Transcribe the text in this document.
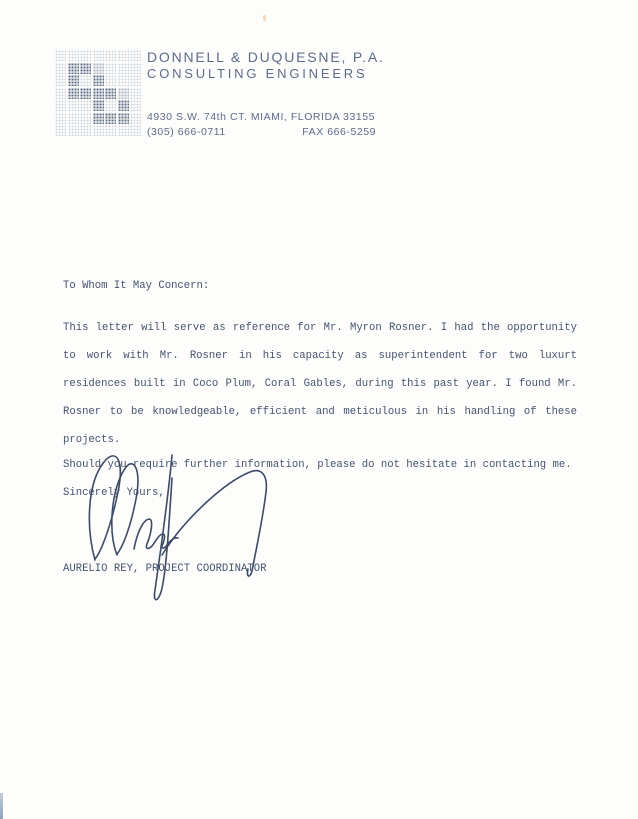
DONNELL & DUQUESNE, P.A.
CONSULTING ENGINEERS
4930 S.W. 74th CT. MIAMI, FLORIDA 33155
(305) 666-0711	FAX 666-5259
To Whom It May Concern:
This letter will serve as reference for Mr. Myron Rosner. I had the opportunity
to work with Mr. Rosner in his capacity as superintendent for two luxurt
residences built in Coco Plum, Coral Gables, during this past year. I found Mr.
Rosner to be knowledgeable, efficient and meticulous in his handling of these
projects.
Should you require further information, please do not hesitate in contacting me.
Sincerely Yours,
AURELIO REY, PROJECT COORDINATOR
